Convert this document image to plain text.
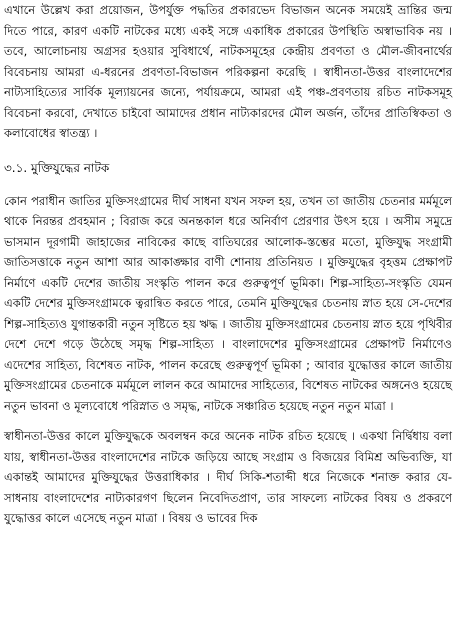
এখানে উল্লেখ করা প্রয়োজন, উপর্যুক্ত পদ্ধতির প্রকারভেদ বিভাজন অনেক সময়েই ভ্রান্তির জন্ম দিতে পারে, কারণ একটি নাটকের মধ্যে একই সঙ্গে একাধিক প্রকারের উপস্থিতি অস্বাভাবিক নয় । তবে, আলোচনায় অগ্রসর হওয়ার সুবিধার্থে, নাটকসমূহের কেন্দ্রীয় প্রবণতা ও মৌল-জীবনার্থের বিবেচনায় আমরা এ-ধরনের প্রবণতা-বিভাজন পরিকল্পনা করেছি । স্বাধীনতা-উত্তর বাংলাদেশের নাট্যসাহিত্যের সার্বিক মূল্যায়নের জন্যে, পর্যায়ক্রমে, আমরা এই পঞ্চ-প্রবণতায় রচিত নাটকসমূহ বিবেচনা করবো, দেখাতে চাইবো আমাদের প্রধান নাট্যকারদের মৌল অর্জন, তাঁদের প্রাতিস্বিকতা ও কলাবোধের স্বাতন্ত্র্য ।

৩.১. মুক্তিযুদ্ধের নাটক

কোন পরাধীন জাতির মুক্তিসংগ্রামের দীর্ঘ সাধনা যখন সফল হয়, তখন তা জাতীয় চেতনার মর্মমূলে থাকে নিরন্তর প্রবহমান ; বিরাজ করে অনন্তকাল ধরে অনির্বাণ প্রেরণার উৎস হয়ে । অসীম সমুদ্রে ভাসমান দূরগামী জাহাজের নাবিকের কাছে বাতিঘরের আলোক-স্তম্ভের মতো, মুক্তিযুদ্ধ সংগ্রামী জাতিসত্তাকে নতুন আশা আর আকাঙ্ক্ষার বাণী শোনায় প্রতিনিয়ত । মুক্তিযুদ্ধের বৃহত্তম প্রেক্ষাপট নির্মাণে একটি দেশের জাতীয় সংস্কৃতি পালন করে গুরুত্বপূর্ণ ভূমিকা। শিল্প-সাহিত্য-সংস্কৃতি যেমন একটি দেশের মুক্তিসংগ্রামকে ত্বরান্বিত করতে পারে, তেমনি মুক্তিযুদ্ধের চেতনায় স্নাত হয়ে সে-দেশের শিল্প-সাহিত্যও যুগান্তকারী নতুন সৃষ্টিতে হয় ঋদ্ধ । জাতীয় মুক্তিসংগ্রামের চেতনায় স্নাত হয়ে পৃথিবীর দেশে দেশে গড়ে উঠেছে সমৃদ্ধ শিল্প-সাহিত্য । বাংলাদেশের মুক্তিসংগ্রামের প্রেক্ষাপট নির্মাণেও এদেশের সাহিত্য, বিশেষত নাটক, পালন করেছে গুরুত্বপূর্ণ ভূমিকা ; আবার যুদ্ধোত্তর কালে জাতীয় মুক্তিসংগ্রামের চেতনাকে মর্মমূলে লালন করে আমাদের সাহিত্যের, বিশেষত নাটকের অঙ্গনেও হয়েছে নতুন ভাবনা ও মূল্যবোধে পরিস্নাত ও সমৃদ্ধ, নাটকে সঞ্চারিত হয়েছে নতুন নতুন মাত্রা ।

স্বাধীনতা-উত্তর কালে মুক্তিযুদ্ধকে অবলম্বন করে অনেক নাটক রচিত হয়েছে । একথা নির্দ্বিধায় বলা যায়, স্বাধীনতা-উত্তর বাংলাদেশের নাটকে জড়িয়ে আছে সংগ্রাম ও বিজয়ের বিমিশ্র অভিব্যক্তি, যা একান্তই আমাদের মুক্তিযুদ্ধের উত্তরাধিকার । দীর্ঘ সিকি-শতাব্দী ধরে নিজেকে শনাক্ত করার যে-সাধনায় বাংলাদেশের নাট্যকারগণ ছিলেন নিবেদিতপ্রাণ, তার সাফল্যে নাটকের বিষয় ও প্রকরণে যুদ্ধোত্তর কালে এসেছে নতুন মাত্রা । বিষয় ও ভাবের দিক
